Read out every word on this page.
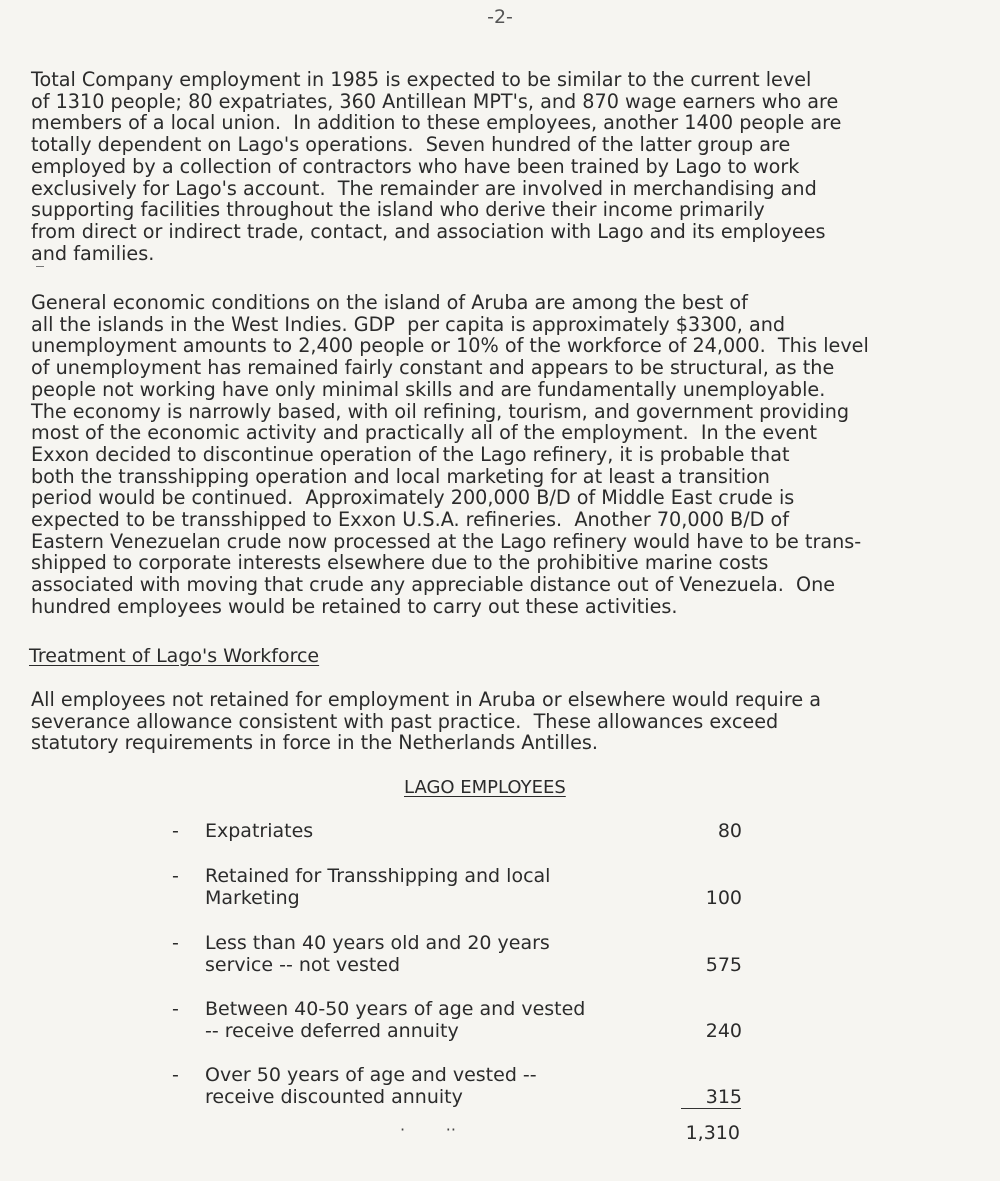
-2-

Total Company employment in 1985 is expected to be similar to the current level
of 1310 people; 80 expatriates, 360 Antillean MPT's, and 870 wage earners who are
members of a local union.  In addition to these employees, another 1400 people are
totally dependent on Lago's operations.  Seven hundred of the latter group are
employed by a collection of contractors who have been trained by Lago to work
exclusively for Lago's account.  The remainder are involved in merchandising and
supporting facilities throughout the island who derive their income primarily
from direct or indirect trade, contact, and association with Lago and its employees
and families.

General economic conditions on the island of Aruba are among the best of
all the islands in the West Indies. GDP  per capita is approximately $3300, and
unemployment amounts to 2,400 people or 10% of the workforce of 24,000.  This level
of unemployment has remained fairly constant and appears to be structural, as the
people not working have only minimal skills and are fundamentally unemployable.
The economy is narrowly based, with oil refining, tourism, and government providing
most of the economic activity and practically all of the employment.  In the event
Exxon decided to discontinue operation of the Lago refinery, it is probable that
both the transshipping operation and local marketing for at least a transition
period would be continued.  Approximately 200,000 B/D of Middle East crude is
expected to be transshipped to Exxon U.S.A. refineries.  Another 70,000 B/D of
Eastern Venezuelan crude now processed at the Lago refinery would have to be trans-
shipped to corporate interests elsewhere due to the prohibitive marine costs
associated with moving that crude any appreciable distance out of Venezuela.  One
hundred employees would be retained to carry out these activities.

Treatment of Lago's Workforce

All employees not retained for employment in Aruba or elsewhere would require a
severance allowance consistent with past practice.  These allowances exceed
statutory requirements in force in the Netherlands Antilles.

LAGO EMPLOYEES
- Expatriates	80
- Retained for Transshipping and local
Marketing	100
- Less than 40 years old and 20 years
service -- not vested	575
- Between 40-50 years of age and vested
-- receive deferred annuity	240
- Over 50 years of age and vested --
receive discounted annuity	315
·        ··	1,310
